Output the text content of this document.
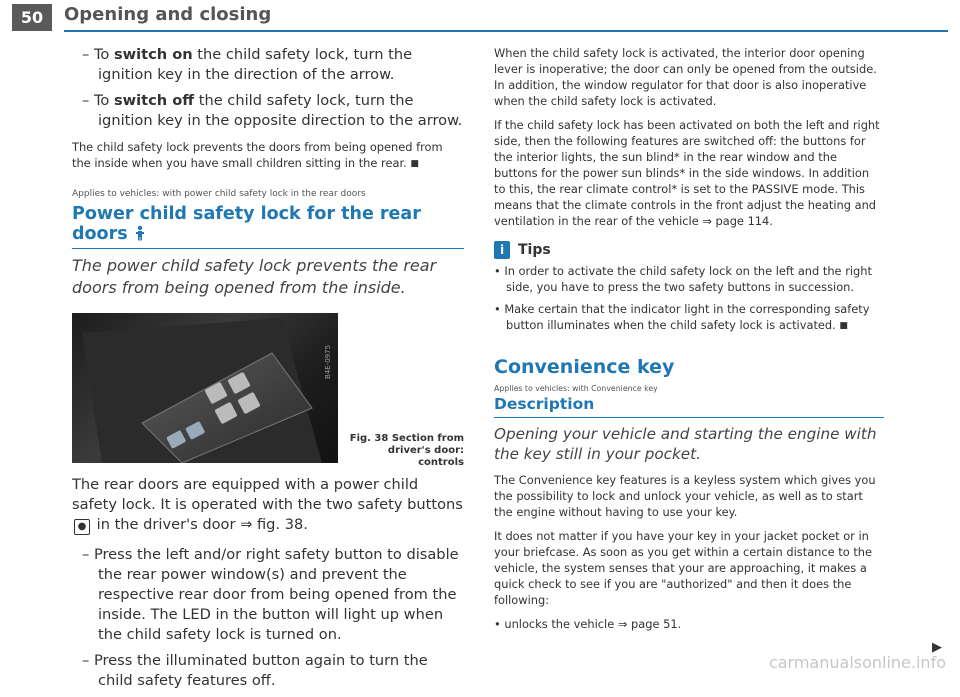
50	Opening and closing
– To switch on the child safety lock, turn the ignition key in the direction of the arrow.
– To switch off the child safety lock, turn the ignition key in the opposite direction to the arrow.

The child safety lock prevents the doors from being opened from the inside when you have small children sitting in the rear. ■

Applies to vehicles: with power child safety lock in the rear doors

Power child safety lock for the rear doors

The power child safety lock prevents the rear doors from being opened from the inside.

B4E-0975
Fig. 38 Section from
driver's door: controls

The rear doors are equipped with a power child safety lock. It is operated with the two safety buttons● in the driver's door ⇒ fig. 38.

– Press the left and/or right safety button to disable the rear power window(s) and prevent the respective rear door from being opened from the inside. The LED in the button will light up when the child safety lock is turned on.
– Press the illuminated button again to turn the child safety features off.

When the child safety lock is activated, the interior door opening lever is inoperative; the door can only be opened from the outside. In addition, the window regulator for that door is also inoperative when the child safety lock is activated.

If the child safety lock has been activated on both the left and right side, then the following features are switched off: the buttons for the interior lights, the sun blind* in the rear window and the buttons for the power sun blinds* in the side windows. In addition to this, the rear climate control* is set to the PASSIVE mode. This means that the climate controls in the front adjust the heating and ventilation in the rear of the vehicle ⇒ page 114.

i Tips
• In order to activate the child safety lock on the left and the right side, you have to press the two safety buttons in succession.
• Make certain that the indicator light in the corresponding safety button illuminates when the child safety lock is activated. ■
Convenience key
Applies to vehicles: with Convenience key
Description

Opening your vehicle and starting the engine with the key still in your pocket.

The Convenience key features is a keyless system which gives you the possibility to lock and unlock your vehicle, as well as to start the engine without having to use your key.

It does not matter if you have your key in your jacket pocket or in your briefcase. As soon as you get within a certain distance to the vehicle, the system senses that your are approaching, it makes a quick check to see if you are "authorized" and then it does the following:

• unlocks the vehicle ⇒ page 51.
▶
carmanualsonline.info
